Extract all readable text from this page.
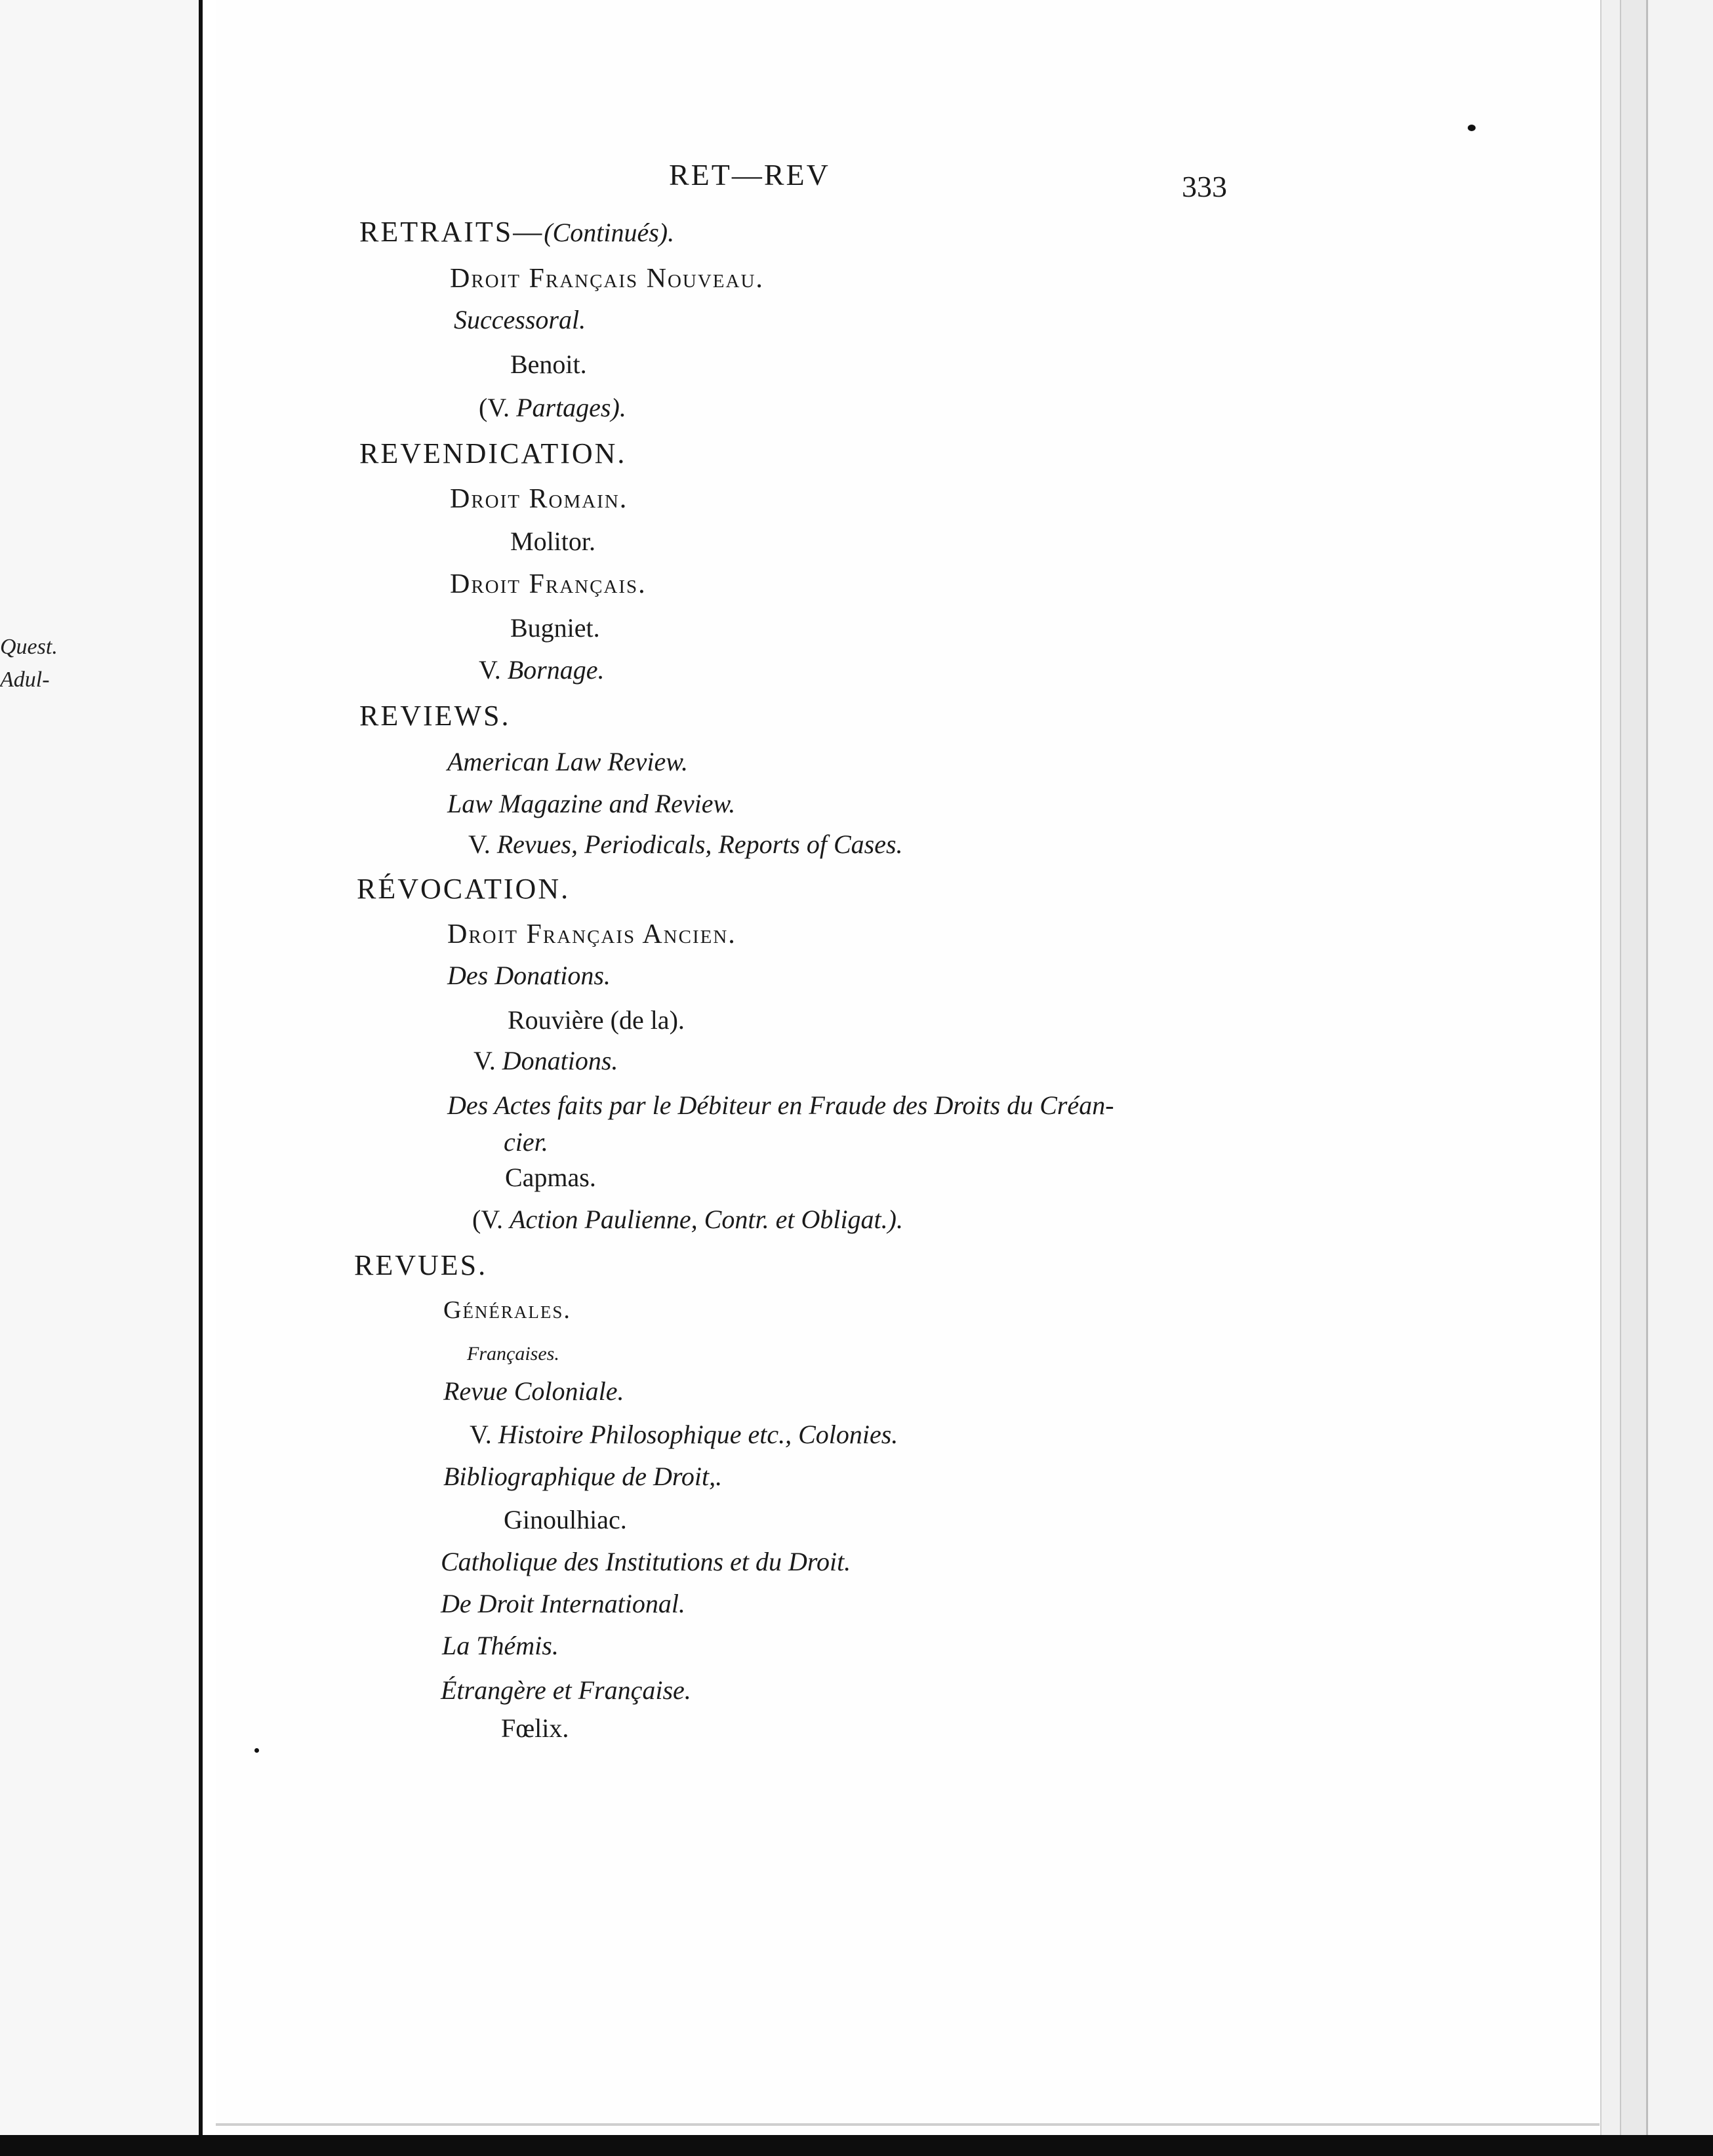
Quest.
Adul-
RET—REV	333
RETRAITS—(Continués).
Droit Français Nouveau.
Successoral.
Benoit.
(V. Partages).
REVENDICATION.
Droit Romain.
Molitor.
Droit Français.
Bugniet.
V. Bornage.
REVIEWS.
American Law Review.
Law Magazine and Review.
V. Revues, Periodicals, Reports of Cases.
RÉVOCATION.
Droit Français Ancien.
Des Donations.
Rouvière (de la).
V. Donations.
Des Actes faits par le Débiteur en Fraude des Droits du Créan-
cier.
Capmas.
(V. Action Paulienne, Contr. et Obligat.).
REVUES.
Générales.
Françaises.
Revue Coloniale.
V. Histoire Philosophique etc., Colonies.
Bibliographique de Droit,.
Ginoulhiac.
Catholique des Institutions et du Droit.
De Droit International.
La Thémis.
Étrangère et Française.
Fœlix.
